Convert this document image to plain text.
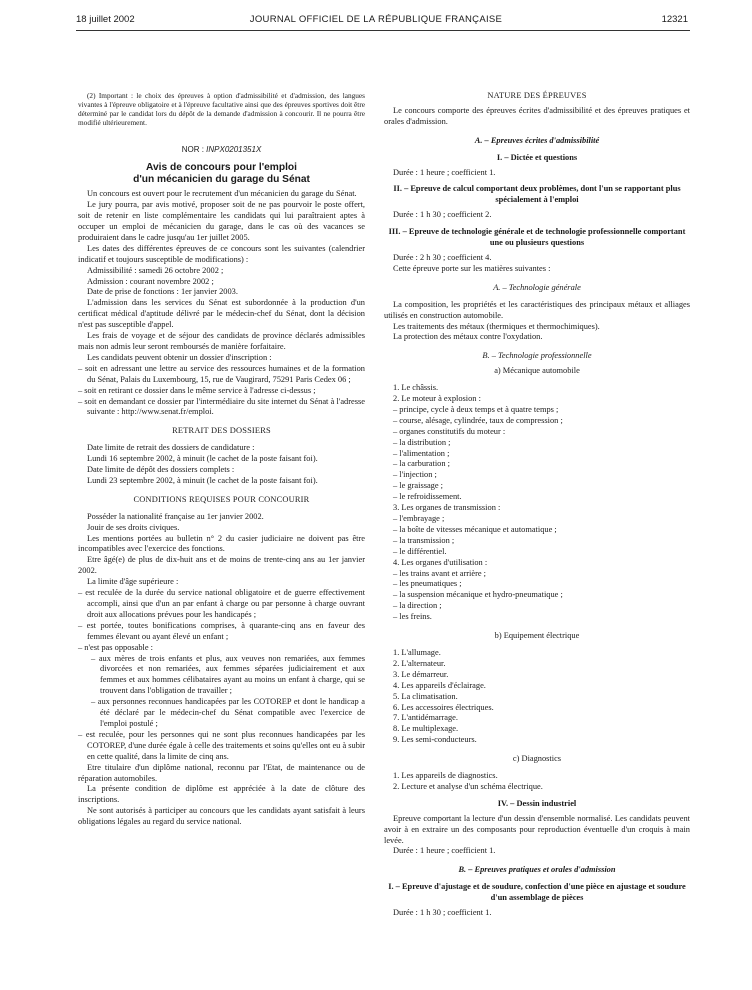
18 juillet 2002	JOURNAL OFFICIEL DE LA RÉPUBLIQUE FRANÇAISE	12321

(2) Important : le choix des épreuves à option d'admissibilité et d'admission, des langues vivantes à l'épreuve obligatoire et à l'épreuve facultative ainsi que des épreuves sportives doit être déterminé par le candidat lors du dépôt de la demande d'admission à concourir. Il ne pourra être modifié ultérieurement.

NOR : INPX0201351X

Avis de concours pour l'emploi
d'un mécanicien du garage du Sénat

Un concours est ouvert pour le recrutement d'un mécanicien du garage du Sénat.

Le jury pourra, par avis motivé, proposer soit de ne pas pourvoir le poste offert, soit de retenir en liste complémentaire les candidats qui lui paraîtraient aptes à occuper un emploi de mécanicien du garage, dans le cas où des vacances se produiraient dans le cadre jusqu'au 1er juillet 2005.

Les dates des différentes épreuves de ce concours sont les suivantes (calendrier indicatif et toujours susceptible de modifications) :

Admissibilité : samedi 26 octobre 2002 ;

Admission : courant novembre 2002 ;

Date de prise de fonctions : 1er janvier 2003.

L'admission dans les services du Sénat est subordonnée à la production d'un certificat médical d'aptitude délivré par le médecin-chef du Sénat, dont la décision n'est pas susceptible d'appel.

Les frais de voyage et de séjour des candidats de province déclarés admissibles mais non admis leur seront remboursés de manière forfaitaire.

Les candidats peuvent obtenir un dossier d'inscription :

– soit en adressant une lettre au service des ressources humaines et de la formation du Sénat, Palais du Luxembourg, 15, rue de Vaugirard, 75291 Paris Cedex 06 ;

– soit en retirant ce dossier dans le même service à l'adresse ci-dessus ;

– soit en demandant ce dossier par l'intermédiaire du site internet du Sénat à l'adresse suivante : http://www.senat.fr/emploi.

RETRAIT DES DOSSIERS

Date limite de retrait des dossiers de candidature :

Lundi 16 septembre 2002, à minuit (le cachet de la poste faisant foi).

Date limite de dépôt des dossiers complets :

Lundi 23 septembre 2002, à minuit (le cachet de la poste faisant foi).

CONDITIONS REQUISES POUR CONCOURIR

Posséder la nationalité française au 1er janvier 2002.

Jouir de ses droits civiques.

Les mentions portées au bulletin n° 2 du casier judiciaire ne doivent pas être incompatibles avec l'exercice des fonctions.

Etre âgé(e) de plus de dix-huit ans et de moins de trente-cinq ans au 1er janvier 2002.

La limite d'âge supérieure :

– est reculée de la durée du service national obligatoire et de guerre effectivement accompli, ainsi que d'un an par enfant à charge ou par personne à charge ouvrant droit aux allocations prévues pour les handicapés ;

– est portée, toutes bonifications comprises, à quarante-cinq ans en faveur des femmes élevant ou ayant élevé un enfant ;

– n'est pas opposable :

– aux mères de trois enfants et plus, aux veuves non remariées, aux femmes divorcées et non remariées, aux femmes séparées judiciairement et aux femmes et aux hommes célibataires ayant au moins un enfant à charge, qui se trouvent dans l'obligation de travailler ;

– aux personnes reconnues handicapées par les COTOREP et dont le handicap a été déclaré par le médecin-chef du Sénat compatible avec l'exercice de l'emploi postulé ;

– est reculée, pour les personnes qui ne sont plus reconnues handicapées par les COTOREP, d'une durée égale à celle des traitements et soins qu'elles ont eu à subir en cette qualité, dans la limite de cinq ans.

Etre titulaire d'un diplôme national, reconnu par l'Etat, de maintenance ou de réparation automobiles.

La présente condition de diplôme est appréciée à la date de clôture des inscriptions.

Ne sont autorisés à participer au concours que les candidats ayant satisfait à leurs obligations légales au regard du service national.

NATURE DES ÉPREUVES

Le concours comporte des épreuves écrites d'admissibilité et des épreuves pratiques et orales d'admission.

A. – Epreuves écrites d'admissibilité

I. – Dictée et questions

Durée : 1 heure ; coefficient 1.

II. – Epreuve de calcul comportant deux problèmes, dont l'un se rapportant plus spécialement à l'emploi

Durée : 1 h 30 ; coefficient 2.

III. – Epreuve de technologie générale et de technologie professionnelle comportant une ou plusieurs questions

Durée : 2 h 30 ; coefficient 4.

Cette épreuve porte sur les matières suivantes :

A. – Technologie générale

La composition, les propriétés et les caractéristiques des principaux métaux et alliages utilisés en construction automobile.

Les traitements des métaux (thermiques et thermochimiques).

La protection des métaux contre l'oxydation.

B. – Technologie professionnelle

a) Mécanique automobile

1. Le châssis.

2. Le moteur à explosion :

– principe, cycle à deux temps et à quatre temps ;

– course, alésage, cylindrée, taux de compression ;

– organes constitutifs du moteur :

– la distribution ;

– l'alimentation ;

– la carburation ;

– l'injection ;

– le graissage ;

– le refroidissement.

3. Les organes de transmission :

– l'embrayage ;

– la boîte de vitesses mécanique et automatique ;

– la transmission ;

– le différentiel.

4. Les organes d'utilisation :

– les trains avant et arrière ;

– les pneumatiques ;

– la suspension mécanique et hydro-pneumatique ;

– la direction ;

– les freins.

b) Equipement électrique

1. L'allumage.

2. L'alternateur.

3. Le démarreur.

4. Les appareils d'éclairage.

5. La climatisation.

6. Les accessoires électriques.

7. L'antidémarrage.

8. Le multiplexage.

9. Les semi-conducteurs.

c) Diagnostics

1. Les appareils de diagnostics.

2. Lecture et analyse d'un schéma électrique.

IV. – Dessin industriel

Epreuve comportant la lecture d'un dessin d'ensemble normalisé. Les candidats peuvent avoir à en extraire un des composants pour reproduction éventuelle d'un croquis à main levée.

Durée : 1 heure ; coefficient 1.

B. – Epreuves pratiques et orales d'admission

I. – Epreuve d'ajustage et de soudure, confection d'une pièce en ajustage et soudure d'un assemblage de pièces

Durée : 1 h 30 ; coefficient 1.
